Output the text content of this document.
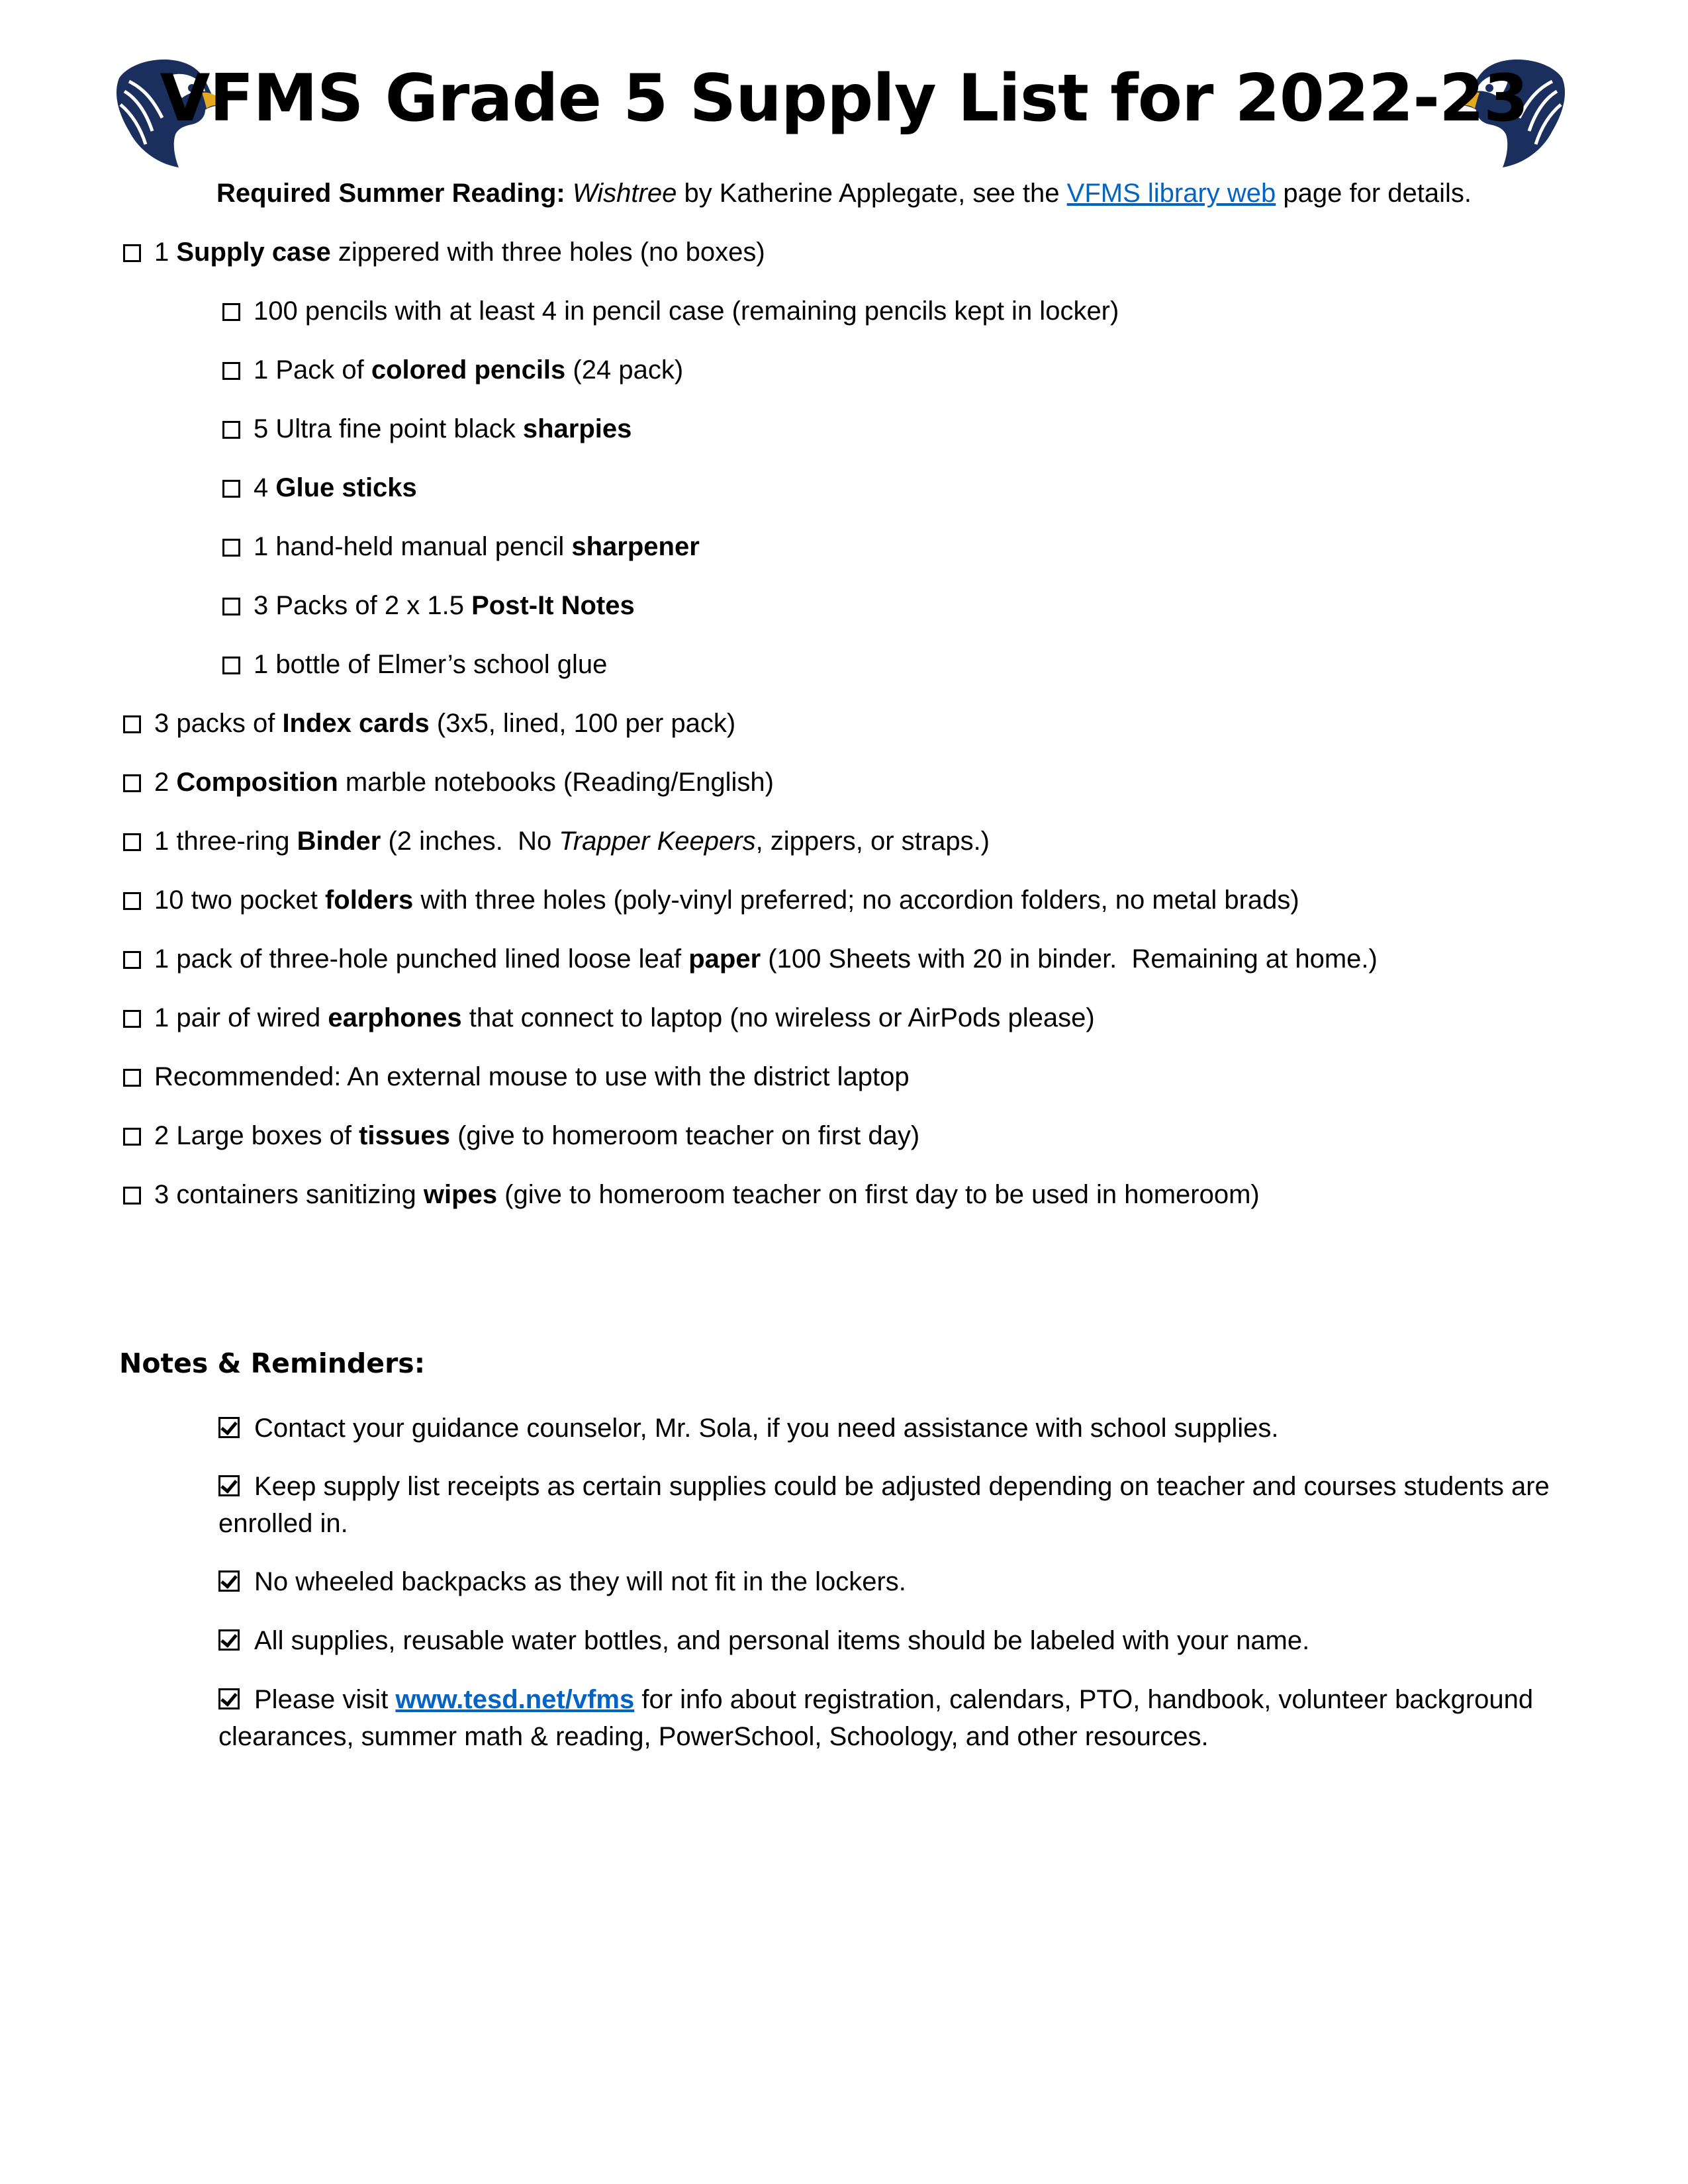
VFMS Grade 5 Supply List for 2022-23
Required Summer Reading: Wishtree by Katherine Applegate, see the VFMS library web page for details.
1 Supply case zippered with three holes (no boxes)
100 pencils with at least 4 in pencil case (remaining pencils kept in locker)
1 Pack of colored pencils (24 pack)
5 Ultra fine point black sharpies
4 Glue sticks
1 hand-held manual pencil sharpener
3 Packs of 2 x 1.5 Post-It Notes
1 bottle of Elmer’s school glue
3 packs of Index cards (3x5, lined, 100 per pack)
2 Composition marble notebooks (Reading/English)
1 three-ring Binder (2 inches.  No Trapper Keepers, zippers, or straps.)
10 two pocket folders with three holes (poly-vinyl preferred; no accordion folders, no metal brads)
1 pack of three-hole punched lined loose leaf paper (100 Sheets with 20 in binder.  Remaining at home.)
1 pair of wired earphones that connect to laptop (no wireless or AirPods please)
Recommended: An external mouse to use with the district laptop
2 Large boxes of tissues (give to homeroom teacher on first day)
3 containers sanitizing wipes (give to homeroom teacher on first day to be used in homeroom)
Notes & Reminders:
Contact your guidance counselor, Mr. Sola, if you need assistance with school supplies.
Keep supply list receipts as certain supplies could be adjusted depending on teacher and courses students are enrolled in.
No wheeled backpacks as they will not fit in the lockers.
All supplies, reusable water bottles, and personal items should be labeled with your name.
Please visit www.tesd.net/vfms for info about registration, calendars, PTO, handbook, volunteer background clearances, summer math & reading, PowerSchool, Schoology, and other resources.
